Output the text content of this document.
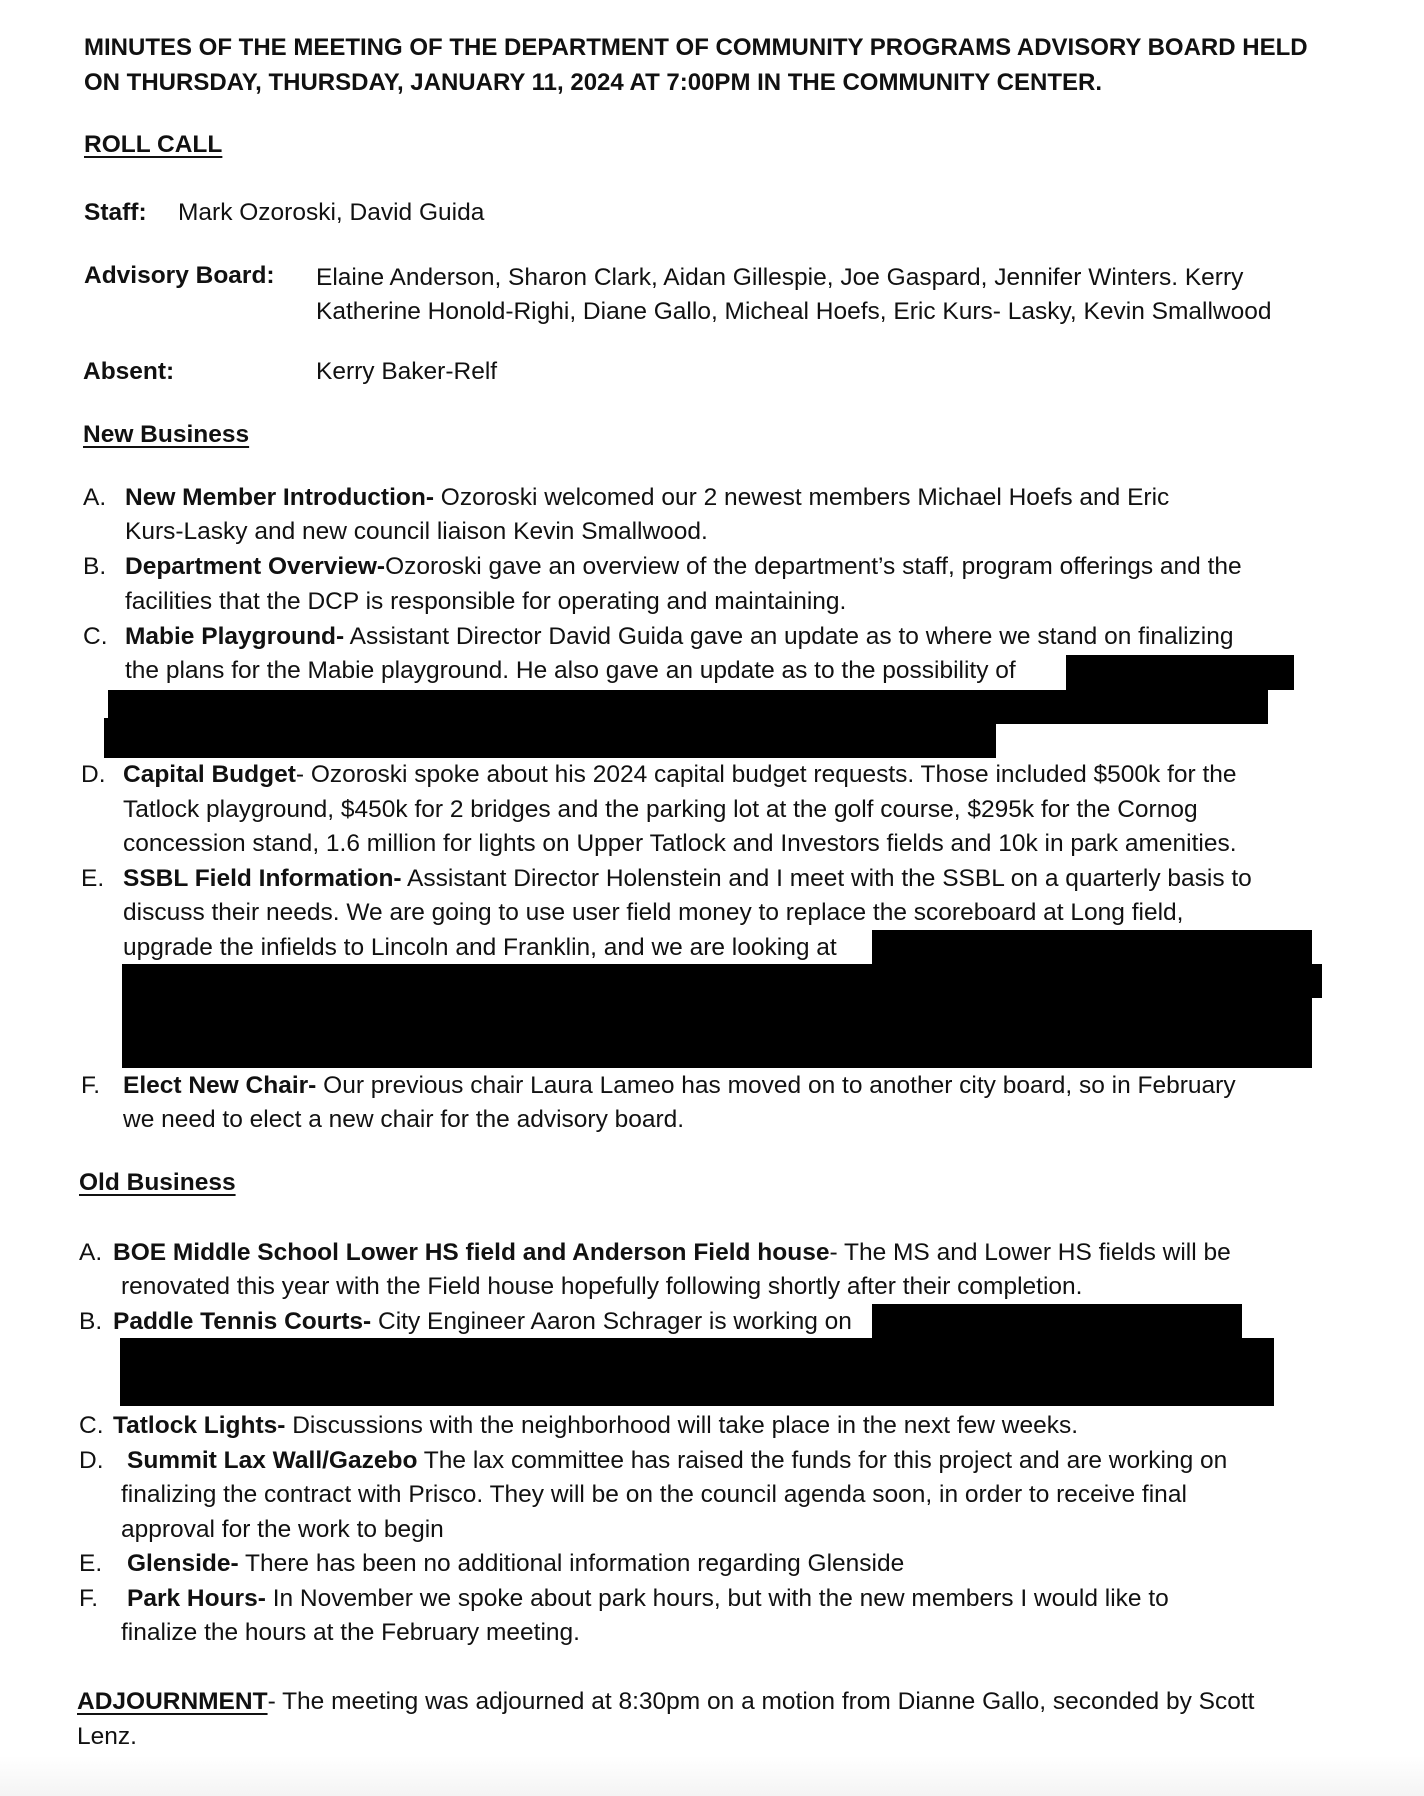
MINUTES OF THE MEETING OF THE DEPARTMENT OF COMMUNITY PROGRAMS ADVISORY BOARD HELD
ON THURSDAY, THURSDAY, JANUARY 11, 2024 AT 7:00PM IN THE COMMUNITY CENTER.
ROLL CALL
Staff: Mark Ozoroski, David Guida
Advisory Board: Elaine Anderson, Sharon Clark, Aidan Gillespie, Joe Gaspard, Jennifer Winters. Kerry
Katherine Honold-Righi, Diane Gallo, Micheal Hoefs, Eric Kurs- Lasky, Kevin Smallwood
Absent:	Kerry Baker-Relf
New Business
A. New Member Introduction- Ozoroski welcomed our 2 newest members Michael Hoefs and Eric
Kurs-Lasky and new council liaison Kevin Smallwood.
B. Department Overview-Ozoroski gave an overview of the department’s staff, program offerings and the
facilities that the DCP is responsible for operating and maintaining.
C. Mabie Playground- Assistant Director David Guida gave an update as to where we stand on finalizing
the plans for the Mabie playground. He also gave an update as to the possibility of
D. Capital Budget- Ozoroski spoke about his 2024 capital budget requests. Those included $500k for the
Tatlock playground, $450k for 2 bridges and the parking lot at the golf course, $295k for the Cornog
concession stand, 1.6 million for lights on Upper Tatlock and Investors fields and 10k in park amenities.
E. SSBL Field Information- Assistant Director Holenstein and I meet with the SSBL on a quarterly basis to
discuss their needs. We are going to use user field money to replace the scoreboard at Long field,
upgrade the infields to Lincoln and Franklin, and we are looking at
F. Elect New Chair- Our previous chair Laura Lameo has moved on to another city board, so in February
we need to elect a new chair for the advisory board.
Old Business
A. BOE Middle School Lower HS field and Anderson Field house- The MS and Lower HS fields will be
renovated this year with the Field house hopefully following shortly after their completion.
B. Paddle Tennis Courts- City Engineer Aaron Schrager is working on
C. Tatlock Lights- Discussions with the neighborhood will take place in the next few weeks.
D. Summit Lax Wall/Gazebo The lax committee has raised the funds for this project and are working on
finalizing the contract with Prisco. They will be on the council agenda soon, in order to receive final
approval for the work to begin
E. Glenside- There has been no additional information regarding Glenside
F. Park Hours- In November we spoke about park hours, but with the new members I would like to
finalize the hours at the February meeting.
ADJOURNMENT- The meeting was adjourned at 8:30pm on a motion from Dianne Gallo, seconded by Scott
Lenz.
